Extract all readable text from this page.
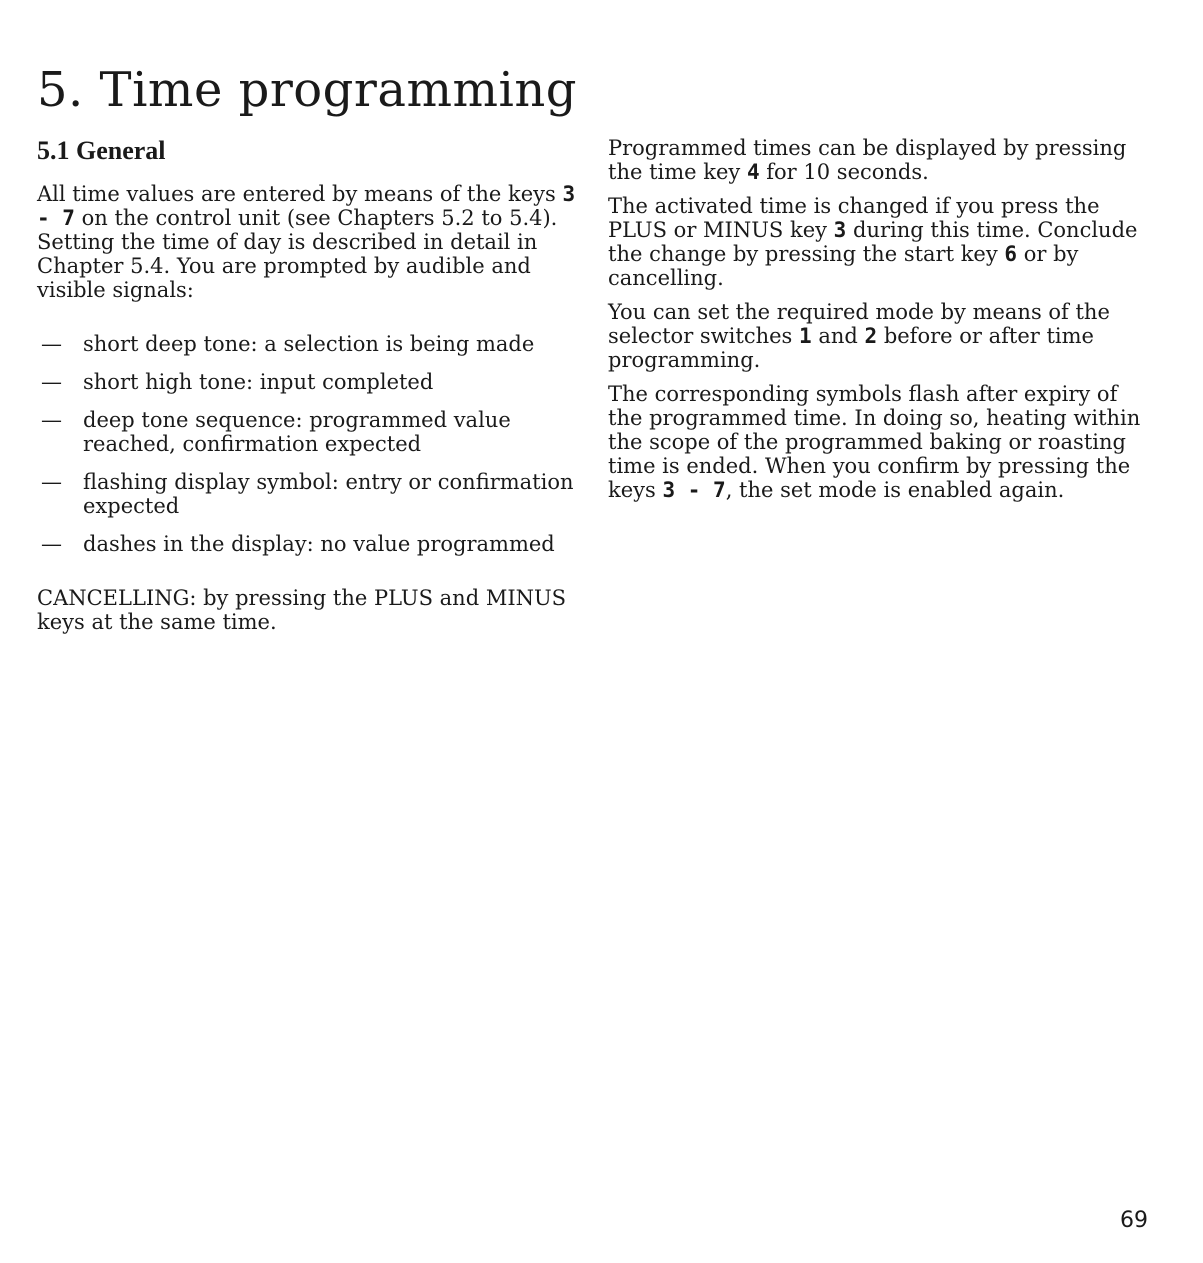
5. Time programming
5.1 General

All time values are entered by means of the keys 3 - 7 on the control unit (see Chapters 5.2 to 5.4). Setting the time of day is described in detail in Chapter 5.4. You are prompted by audible and visible signals:

— short deep tone: a selection is being made
— short high tone: input completed
— deep tone sequence: programmed value reached, confirmation expected
— flashing display symbol: entry or confirmation expected
— dashes in the display: no value programmed

CANCELLING: by pressing the PLUS and MINUS keys at the same time.

Programmed times can be displayed by pressing the time key 4 for 10 seconds.

The activated time is changed if you press the PLUS or MINUS key 3 during this time. Conclude the change by pressing the start key 6 or by cancelling.

You can set the required mode by means of the selector switches 1 and 2 before or after time programming.

The corresponding symbols flash after expiry of the programmed time. In doing so, heating within the scope of the programmed baking or roasting time is ended. When you confirm by pressing the keys 3 - 7, the set mode is enabled again.

69
